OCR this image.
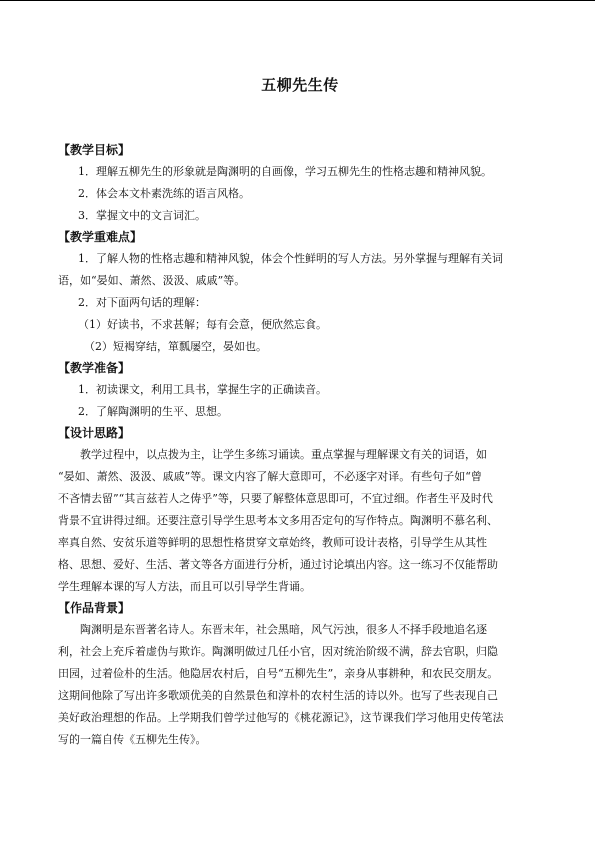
五柳先生传
【教学目标】
1．理解五柳先生的形象就是陶渊明的自画像，学习五柳先生的性格志趣和精神风貌。
2．体会本文朴素洗练的语言风格。
3．掌握文中的文言词汇。
【教学重难点】
1．了解人物的性格志趣和精神风貌，体会个性鲜明的写人方法。另外掌握与理解有关词
语，如“晏如、萧然、汲汲、戚戚”等。
2．对下面两句话的理解：
（1）好读书，不求甚解；每有会意，便欣然忘食。
（2）短褐穿结，箪瓢屡空，晏如也。
【教学准备】
1．初读课文，利用工具书，掌握生字的正确读音。
2．了解陶渊明的生平、思想。
【设计思路】
教学过程中，以点拨为主，让学生多练习诵读。重点掌握与理解课文有关的词语，如
“晏如、萧然、汲汲、戚戚”等。课文内容了解大意即可，不必逐字对译。有些句子如“曾
不吝情去留”“其言兹若人之俦乎”等，只要了解整体意思即可，不宜过细。作者生平及时代
背景不宜讲得过细。还要注意引导学生思考本文多用否定句的写作特点。陶渊明不慕名利、
率真自然、安贫乐道等鲜明的思想性格贯穿文章始终，教师可设计表格，引导学生从其性
格、思想、爱好、生活、著文等各方面进行分析，通过讨论填出内容。这一练习不仅能帮助
学生理解本课的写人方法，而且可以引导学生背诵。
【作品背景】
陶渊明是东晋著名诗人。东晋末年，社会黑暗，风气污浊，很多人不择手段地追名逐
利，社会上充斥着虚伪与欺诈。陶渊明做过几任小官，因对统治阶级不满，辞去官职，归隐
田园，过着俭朴的生活。他隐居农村后，自号“五柳先生”，亲身从事耕种，和农民交朋友。
这期间他除了写出许多歌颂优美的自然景色和淳朴的农村生活的诗以外。也写了些表现自己
美好政治理想的作品。上学期我们曾学过他写的《桃花源记》，这节课我们学习他用史传笔法
写的一篇自传《五柳先生传》。
